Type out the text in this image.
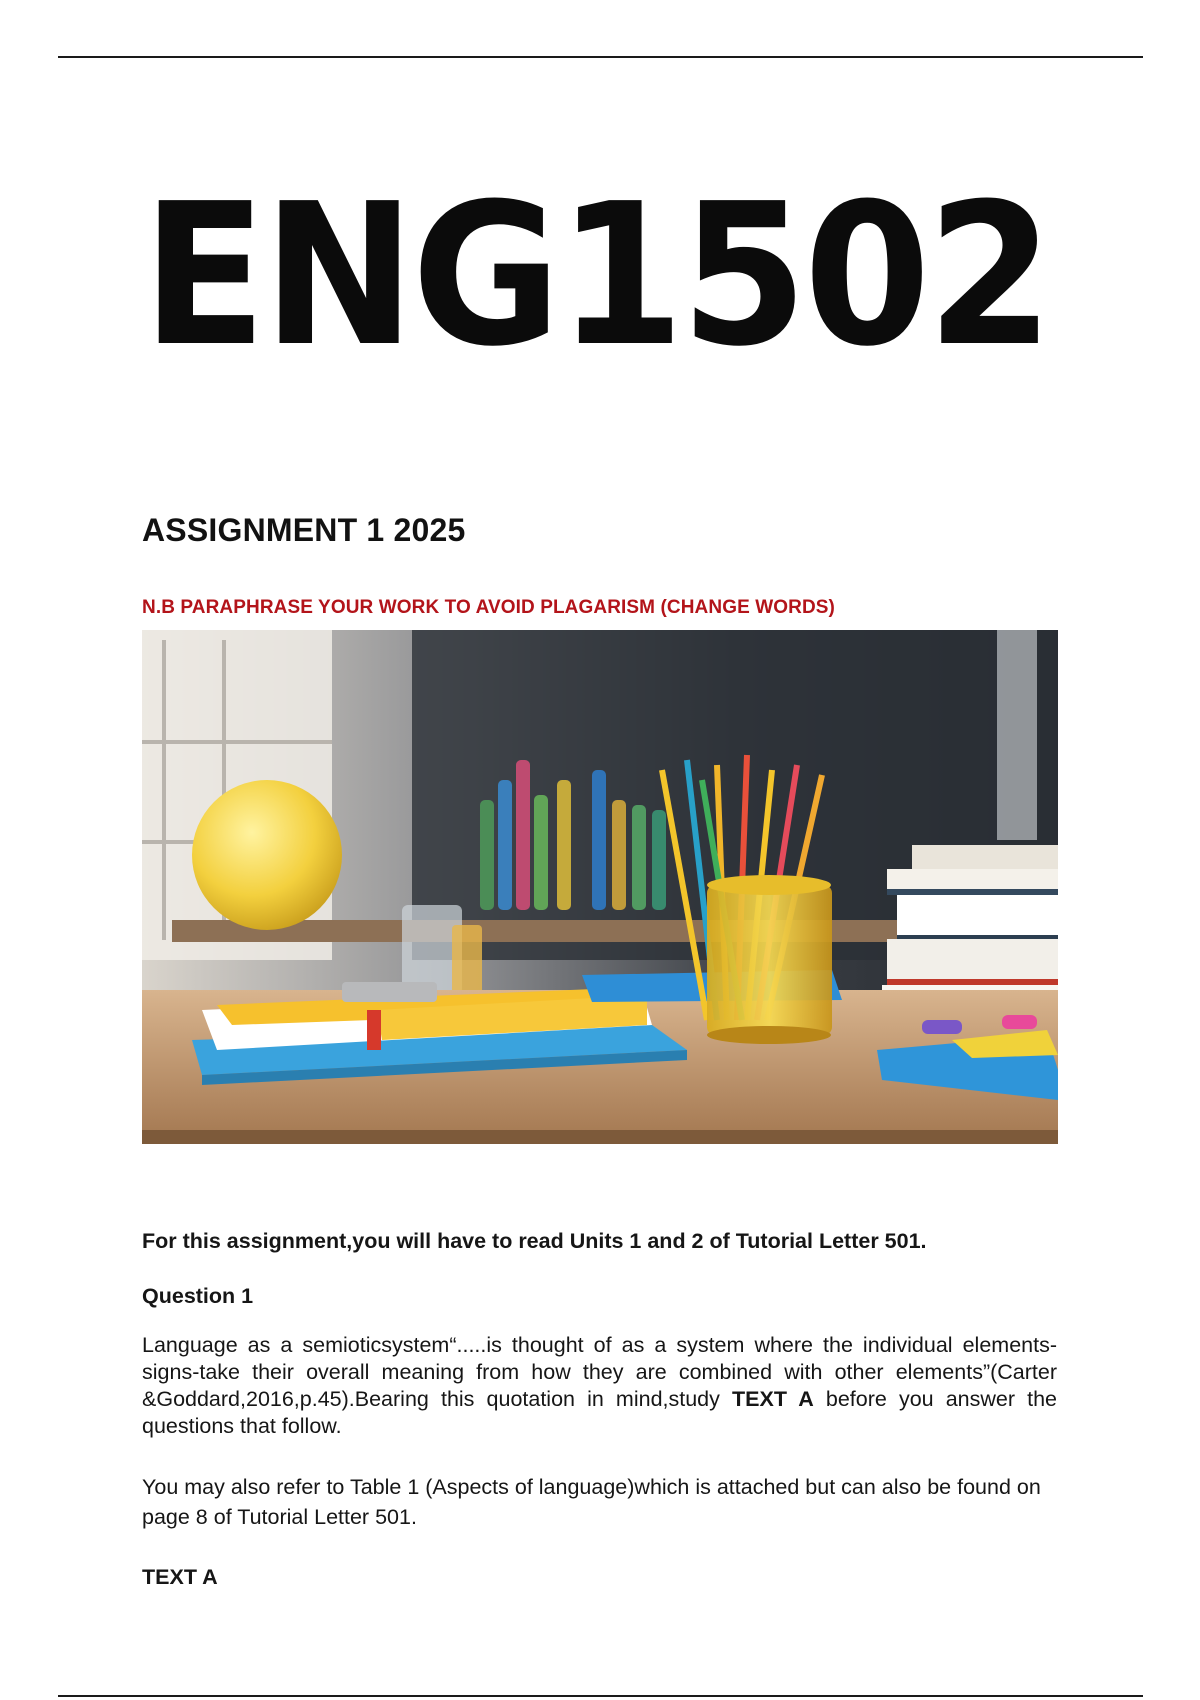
ENG1502
ASSIGNMENT 1 2025
N.B PARAPHRASE YOUR WORK TO AVOID PLAGARISM (CHANGE WORDS)
For this assignment,you will have to read Units 1 and 2 of Tutorial Letter 501.
Question 1
Language as a semioticsystem“.....is thought of as a system where the individual elements-signs-take their overall meaning from how they are combined with other elements”(Carter &Goddard,2016,p.45).Bearing this quotation in mind,study TEXT A before you answer the questions that follow.
You may also refer to Table 1 (Aspects of language)which is attached but can also be found on page 8 of Tutorial Letter 501.
TEXT A
